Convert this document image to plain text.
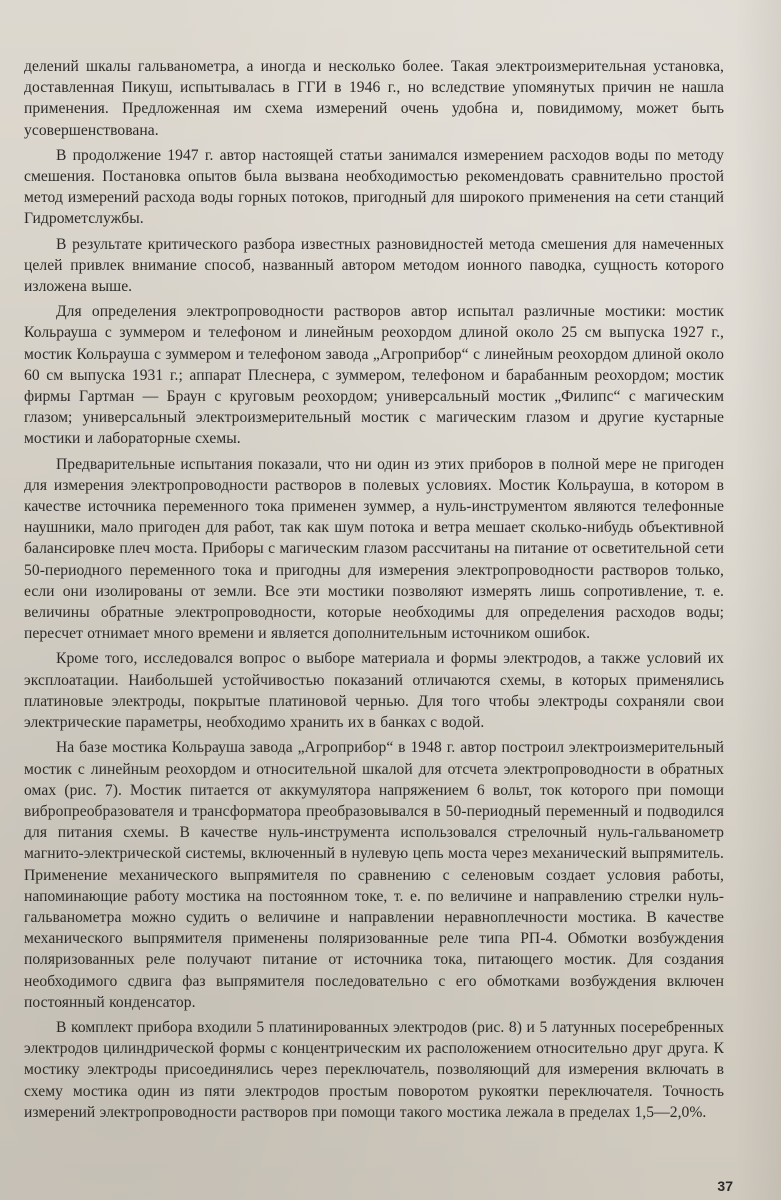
делений шкалы гальванометра, а иногда и несколько более. Такая электроизмерительная установка, доставленная Пикуш, испытывалась в ГГИ в 1946 г., но вследствие упомянутых причин не нашла применения. Предложенная им схема измерений очень удобна и, повидимому, может быть усовершенствована.

В продолжение 1947 г. автор настоящей статьи занимался измерением расходов воды по методу смешения. Постановка опытов была вызвана необходимостью рекомендовать сравнительно простой метод измерений расхода воды горных потоков, пригодный для широкого применения на сети станций Гидрометслужбы.

В результате критического разбора известных разновидностей метода смешения для намеченных целей привлек внимание способ, названный автором методом ионного паводка, сущность которого изложена выше.

Для определения электропроводности растворов автор испытал различные мостики: мостик Кольрауша с зуммером и телефоном и линейным реохордом длиной около 25 см выпуска 1927 г., мостик Кольрауша с зуммером и телефоном завода „Агроприбор“ с линейным реохордом длиной около 60 см выпуска 1931 г.; аппарат Плеснера, с зуммером, телефоном и барабанным реохордом; мостик фирмы Гартман — Браун с круговым реохордом; универсальный мостик „Филипс“ с магическим глазом; универсальный электроизмерительный мостик с магическим глазом и другие кустарные мостики и лабораторные схемы.

Предварительные испытания показали, что ни один из этих приборов в полной мере не пригоден для измерения электропроводности растворов в полевых условиях. Мостик Кольрауша, в котором в качестве источника переменного тока применен зуммер, а нуль-инструментом являются телефонные наушники, мало пригоден для работ, так как шум потока и ветра мешает сколько-нибудь объективной балансировке плеч моста. Приборы с магическим глазом рассчитаны на питание от осветительной сети 50-периодного переменного тока и пригодны для измерения электропроводности растворов только, если они изолированы от земли. Все эти мостики позволяют измерять лишь сопротивление, т. е. величины обратные электропроводности, которые необходимы для определения расходов воды; пересчет отнимает много времени и является дополнительным источником ошибок.

Кроме того, исследовался вопрос о выборе материала и формы электродов, а также условий их эксплоатации. Наибольшей устойчивостью показаний отличаются схемы, в которых применялись платиновые электроды, покрытые платиновой чернью. Для того чтобы электроды сохраняли свои электрические параметры, необходимо хранить их в банках с водой.

На базе мостика Кольрауша завода „Агроприбор“ в 1948 г. автор построил электроизмерительный мостик с линейным реохордом и относительной шкалой для отсчета электропроводности в обратных омах (рис. 7). Мостик питается от аккумулятора напряжением 6 вольт, ток которого при помощи вибропреобразователя и трансформатора преобразовывался в 50-периодный переменный и подводился для питания схемы. В качестве нуль-инструмента использовался стрелочный нуль-гальванометр магнито-электрической системы, включенный в нулевую цепь моста через механический выпрямитель. Применение механического выпрямителя по сравнению с селеновым создает условия работы, напоминающие работу мостика на постоянном токе, т. е. по величине и направлению стрелки нуль-гальванометра можно судить о величине и направлении неравноплечности мостика. В качестве механического выпрямителя применены поляризованные реле типа РП-4. Обмотки возбуждения поляризованных реле получают питание от источника тока, питающего мостик. Для создания необходимого сдвига фаз выпрямителя последовательно с его обмотками возбуждения включен постоянный конденсатор.

В комплект прибора входили 5 платинированных электродов (рис. 8) и 5 латунных посеребренных электродов цилиндрической формы с концентрическим их расположением относительно друг друга. К мостику электроды присоединялись через переключатель, позволяющий для измерения включать в схему мостика один из пяти электродов простым поворотом рукоятки переключателя. Точность измерений электропроводности растворов при помощи такого мостика лежала в пределах 1,5—2,0%.

37
